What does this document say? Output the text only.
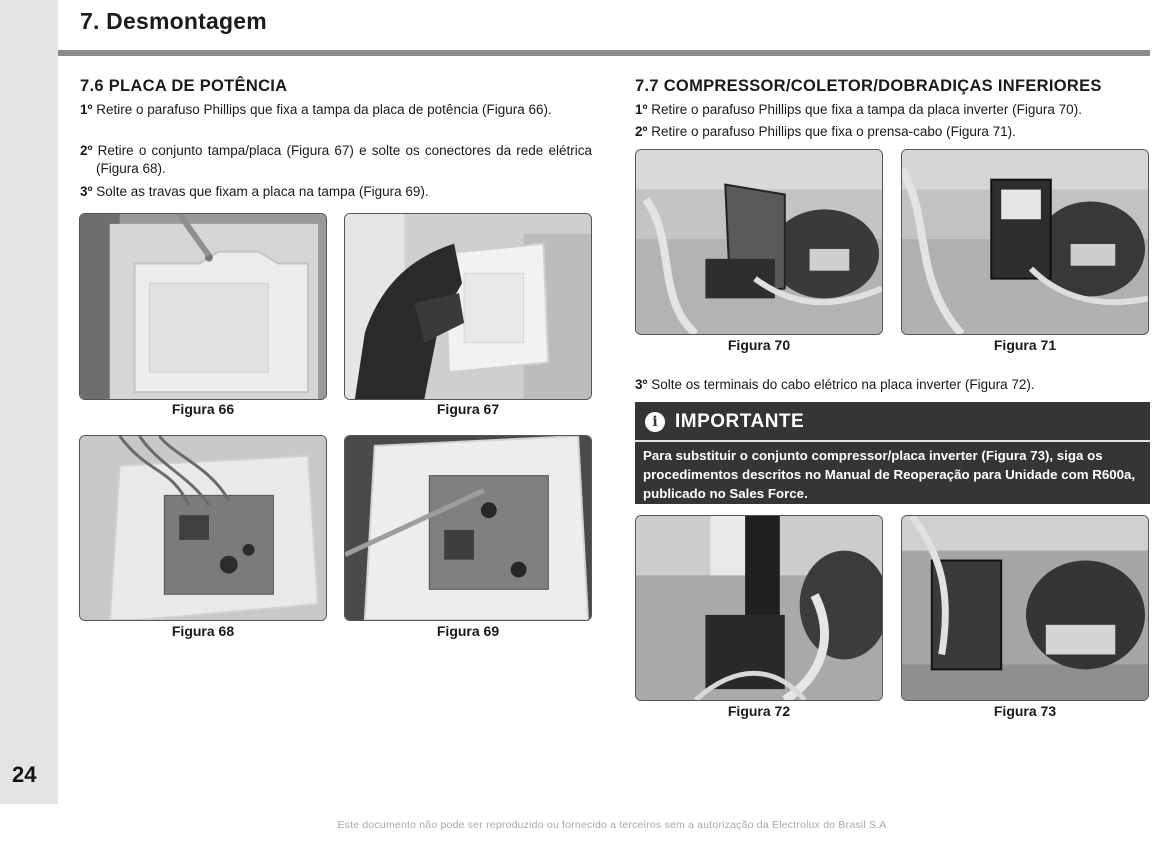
24
7. Desmontagem
7.6 PLACA DE POTÊNCIA
1º Retire o parafuso Phillips que fixa a tampa da placa de potência (Figura 66).
2º Retire o conjunto tampa/placa (Figura 67) e solte os conectores da rede elétrica (Figura 68).
3º Solte as travas que fixam a placa na tampa (Figura 69).
Figura 66	Figura 67
Figura 68	Figura 69
7.7 COMPRESSOR/COLETOR/DOBRADIÇAS INFERIORES
1º Retire o parafuso Phillips que fixa a tampa da placa inverter (Figura 70).
2º Retire o parafuso Phillips que fixa o prensa-cabo (Figura 71).
Figura 70	Figura 71
3º Solte os terminais do cabo elétrico na placa inverter (Figura 72).
i IMPORTANTE
Para substituir o conjunto compressor/placa inverter (Figura 73), siga os procedimentos descritos no Manual de Reoperação para Unidade com R600a, publicado no Sales Force.
Figura 72	Figura 73
Este documento não pode ser reproduzido ou fornecido a terceiros sem a autorização da Electrolux do Brasil S.A
